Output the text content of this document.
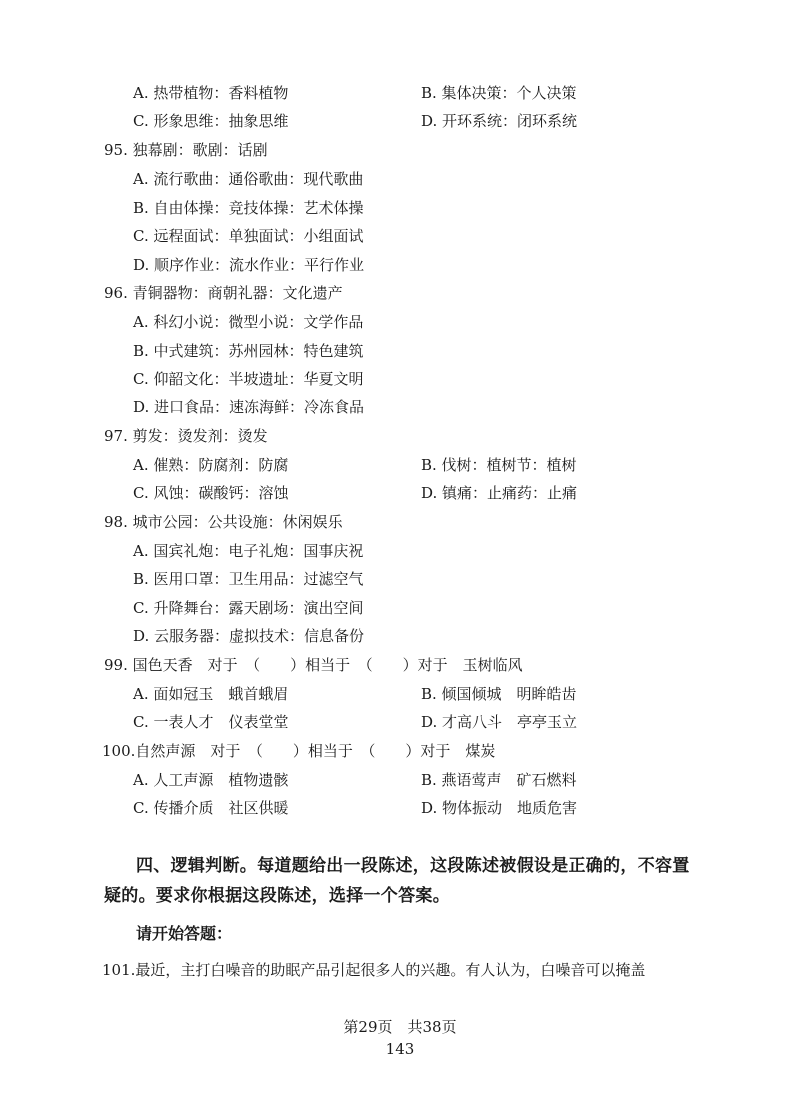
A. 热带植物：香料植物	B. 集体决策：个人决策
C. 形象思维：抽象思维	D. 开环系统：闭环系统
95. 独幕剧：歌剧：话剧
A. 流行歌曲：通俗歌曲：现代歌曲
B. 自由体操：竞技体操：艺术体操
C. 远程面试：单独面试：小组面试
D. 顺序作业：流水作业：平行作业
96. 青铜器物：商朝礼器：文化遗产
A. 科幻小说：微型小说：文学作品
B. 中式建筑：苏州园林：特色建筑
C. 仰韶文化：半坡遗址：华夏文明
D. 进口食品：速冻海鲜：冷冻食品
97. 剪发：烫发剂：烫发
A. 催熟：防腐剂：防腐	B. 伐树：植树节：植树
C. 风蚀：碳酸钙：溶蚀	D. 镇痛：止痛药：止痛
98. 城市公园：公共设施：休闲娱乐
A. 国宾礼炮：电子礼炮：国事庆祝
B. 医用口罩：卫生用品：过滤空气
C. 升降舞台：露天剧场：演出空间
D. 云服务器：虚拟技术：信息备份
99. 国色天香　对于　（　　）相当于　（　　）对于　玉树临风
A. 面如冠玉　蛾首蛾眉	B. 倾国倾城　明眸皓齿
C. 一表人才　仪表堂堂	D. 才高八斗　亭亭玉立
100.自然声源　对于　（　　）相当于　（　　）对于　煤炭
A. 人工声源　植物遗骸	B. 燕语莺声　矿石燃料
C. 传播介质　社区供暖	D. 物体振动　地质危害
四、逻辑判断。每道题给出一段陈述，这段陈述被假设是正确的，不容置疑的。要求你根据这段陈述，选择一个答案。
请开始答题：
101.最近，主打白噪音的助眠产品引起很多人的兴趣。有人认为，白噪音可以掩盖
第29页　共38页
143
